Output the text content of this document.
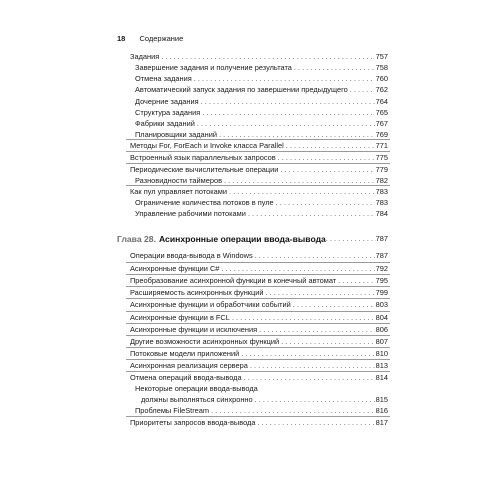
18 Содержание
Задания . . .	757
Завершение задания и получение результата . . .	758
Отмена задания . . .	760
Автоматический запуск задания по завершении предыдущего . . .	762
Дочерние задания . . .	764
Структура задания . . .	765
Фабрики заданий . . .	767
Планировщики заданий . . .	769
Методы For, ForEach и Invoke класса Parallel . . .	771
Встроенный язык параллельных запросов . . .	775
Периодические вычислительные операции . . .	779
Разновидности таймеров . . .	782
Как пул управляет потоками . . .	783
Ограничение количества потоков в пуле . . .	783
Управление рабочими потоками . . .	784
Глава 28. Асинхронные операции ввода-вывода . . .	787
Операции ввода-вывода в Windows . . .	787
Асинхронные функции C# . . .	792
Преобразование асинхронной функции в конечный автомат . . .	795
Расширяемость асинхронных функций . . .	799
Асинхронные функции и обработчики событий . . .	803
Асинхронные функции в FCL . . .	804
Асинхронные функции и исключения . . .	806
Другие возможности асинхронных функций . . .	807
Потоковые модели приложений . . .	810
Асинхронная реализация сервера . . .	813
Отмена операций ввода-вывода . . .	814
Некоторые операции ввода-вывода
должны выполняться синхронно . . .	815
Проблемы FileStream . . .	816
Приоритеты запросов ввода-вывода . . .	817
